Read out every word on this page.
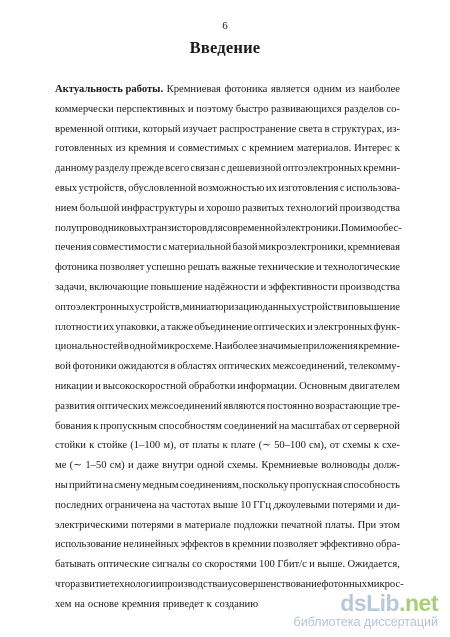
6
Введение
Актуальность работы. Кремниевая фотоника является одним из наиболее
коммерчески перспективных и поэтому быстро развивающихся разделов со-
временной оптики, который изучает распространение света в структурах, из-
готовленных из кремния и совместимых с кремнием материалов. Интерес к
данному разделу прежде всего связан с дешевизной оптоэлектронных кремни-
евых устройств, обусловленной возможностью их изготовления с использова-
нием большой инфраструктуры и хорошо развитых технологий производства
полупроводниковых транзисторов для современной электроники. Помимо обес-
печения совместимости с материальной базой микроэлектроники, кремниевая
фотоника позволяет успешно решать важные технические и технологические
задачи, включающие повышение надёжности и эффективности производства
оптоэлектронных устройств, миниатюризацию данных устройств и повышение
плотности их упаковки, а также объединение оптических и электронных функ-
циональностей в одной микросхеме. Наиболее значимые приложения кремние-
вой фотоники ожидаются в областях оптических межсоединений, телекомму-
никации и высокоскоростной обработки информации. Основным двигателем
развития оптических межсоединений являются постоянно возрастающие тре-
бования к пропускным способностям соединений на масштабах от серверной
стойки к стойке (1–100 м), от платы к плате (∼ 50–100 см), от схемы к схе-
ме (∼ 1–50 см) и даже внутри одной схемы. Кремниевые волноводы долж-
ны прийти на смену медным соединениям, поскольку пропускная способность
последних ограничена на частотах выше 10 ГГц джоулевыми потерями и ди-
электрическими потерями в материале подложки печатной платы. При этом
использование нелинейных эффектов в кремнии позволяет эффективно обра-
батывать оптические сигналы со скоростями 100 Гбит/с и выше. Ожидается,
что развитие технологии производства и усовершенствование фотонных микрос-
хем на основе кремния приведет к созданию	dsLib.net
библиотека диссертаций
